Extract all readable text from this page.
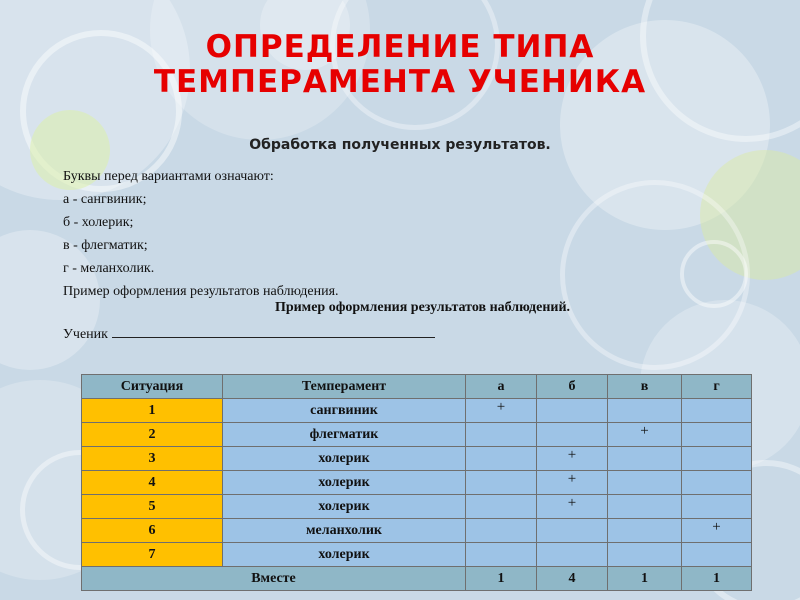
ОПРЕДЕЛЕНИЕ ТИПА
ТЕМПЕРАМЕНТА УЧЕНИКА
Обработка полученных результатов.
Буквы перед вариантами означают:
а - сангвиник;
б - холерик;
в - флегматик;
г - меланхолик.
Пример оформления результатов наблюдения.
Пример оформления результатов наблюдений.
Ученик
Ситуация	Темперамент	а	б	в	г
1	сангвиник	+			
2	флегматик			+	
3	холерик		+		
4	холерик		+		
5	холерик		+		
6	меланхолик				+
7	холерик				
Вместе		1	4	1	1
